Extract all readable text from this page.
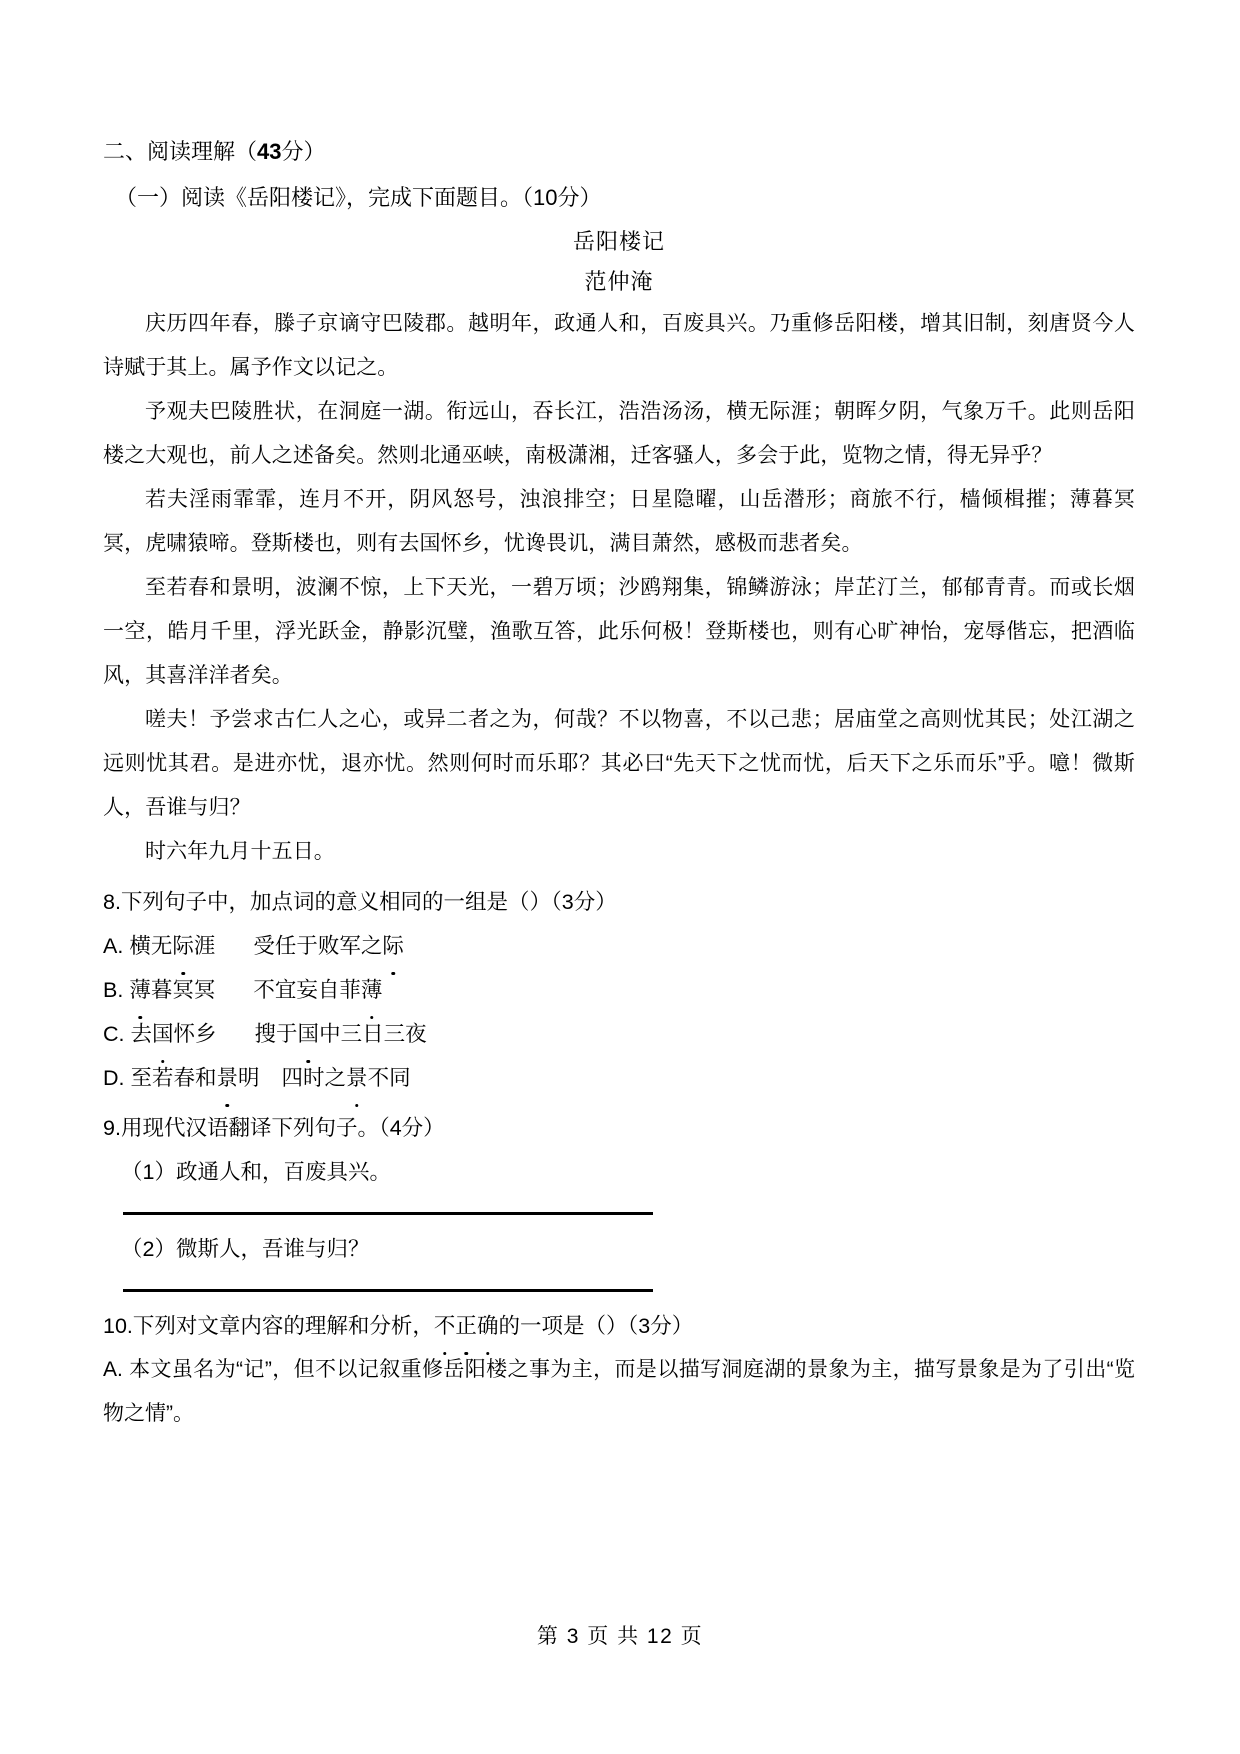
二、阅读理解（43分）
（一）阅读《岳阳楼记》，完成下面题目。（10分）
岳阳楼记
范仲淹

庆历四年春，滕子京谪守巴陵郡。越明年，政通人和，百废具兴。乃重修岳阳楼，增其旧制，刻唐贤今人诗赋于其上。属予作文以记之。

予观夫巴陵胜状，在洞庭一湖。衔远山，吞长江，浩浩汤汤，横无际涯；朝晖夕阴，气象万千。此则岳阳楼之大观也，前人之述备矣。然则北通巫峡，南极潇湘，迁客骚人，多会于此，览物之情，得无异乎？

若夫淫雨霏霏，连月不开，阴风怒号，浊浪排空；日星隐曜，山岳潜形；商旅不行，樯倾楫摧；薄暮冥冥，虎啸猿啼。登斯楼也，则有去国怀乡，忧谗畏讥，满目萧然，感极而悲者矣。

至若春和景明，波澜不惊，上下天光，一碧万顷；沙鸥翔集，锦鳞游泳；岸芷汀兰，郁郁青青。而或长烟一空，皓月千里，浮光跃金，静影沉璧，渔歌互答，此乐何极！登斯楼也，则有心旷神怡，宠辱偕忘，把酒临风，其喜洋洋者矣。

嗟夫！予尝求古仁人之心，或异二者之为，何哉？不以物喜，不以己悲；居庙堂之高则忧其民；处江湖之远则忧其君。是进亦忧，退亦忧。然则何时而乐耶？其必曰“先天下之忧而忧，后天下之乐而乐”乎。噫！微斯人，吾谁与归？

时六年九月十五日。

8.下列句子中，加点词的意义相同的一组是（）（3分）
A. 横无际涯 受任于败军之际
B. 薄暮冥冥 不宜妄自菲薄
C. 去国怀乡 搜于国中三日三夜
D. 至若春和景明 四时之景不同
9.用现代汉语翻译下列句子。（4分）
（1）政通人和，百废具兴。
（2）微斯人，吾谁与归？
10.下列对文章内容的理解和分析，不正确的一项是（）（3分）

A. 本文虽名为“记”，但不以记叙重修岳阳楼之事为主，而是以描写洞庭湖的景象为主，描写景象是为了引出“览物之情”。

第 3 页 共 12 页
